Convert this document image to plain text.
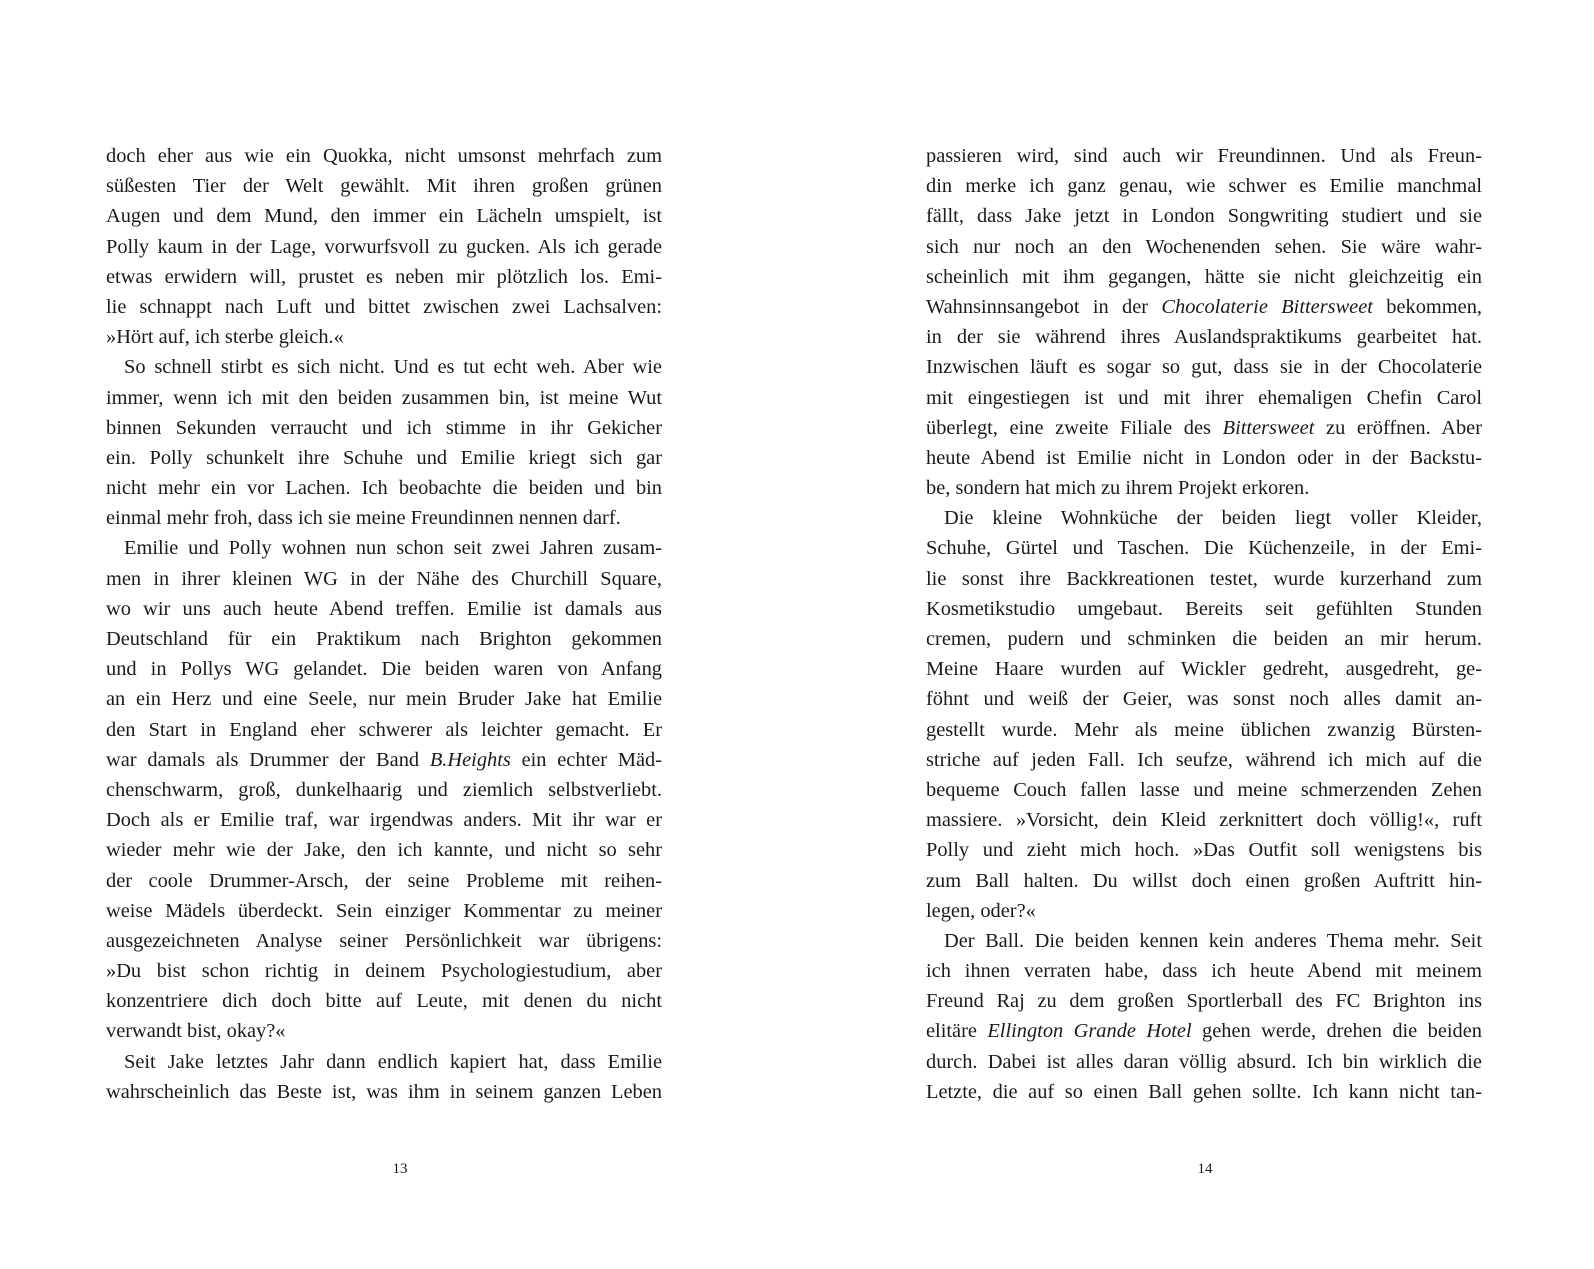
doch eher aus wie ein Quokka, nicht umsonst mehrfach zum
süßesten Tier der Welt gewählt. Mit ihren großen grünen
Augen und dem Mund, den immer ein Lächeln umspielt, ist
Polly kaum in der Lage, vorwurfsvoll zu gucken. Als ich gerade
etwas erwidern will, prustet es neben mir plötzlich los. Emi-
lie schnappt nach Luft und bittet zwischen zwei Lachsalven:
»Hört auf, ich sterbe gleich.«
So schnell stirbt es sich nicht. Und es tut echt weh. Aber wie
immer, wenn ich mit den beiden zusammen bin, ist meine Wut
binnen Sekunden verraucht und ich stimme in ihr Gekicher
ein. Polly schunkelt ihre Schuhe und Emilie kriegt sich gar
nicht mehr ein vor Lachen. Ich beobachte die beiden und bin
einmal mehr froh, dass ich sie meine Freundinnen nennen darf.
Emilie und Polly wohnen nun schon seit zwei Jahren zusam-
men in ihrer kleinen WG in der Nähe des Churchill Square,
wo wir uns auch heute Abend treffen. Emilie ist damals aus
Deutschland für ein Praktikum nach Brighton gekommen
und in Pollys WG gelandet. Die beiden waren von Anfang
an ein Herz und eine Seele, nur mein Bruder Jake hat Emilie
den Start in England eher schwerer als leichter gemacht. Er
war damals als Drummer der Band B.Heights ein echter Mäd-
chenschwarm, groß, dunkelhaarig und ziemlich selbstverliebt.
Doch als er Emilie traf, war irgendwas anders. Mit ihr war er
wieder mehr wie der Jake, den ich kannte, und nicht so sehr
der coole Drummer-Arsch, der seine Probleme mit reihen-
weise Mädels überdeckt. Sein einziger Kommentar zu meiner
ausgezeichneten Analyse seiner Persönlichkeit war übrigens:
»Du bist schon richtig in deinem Psychologiestudium, aber
konzentriere dich doch bitte auf Leute, mit denen du nicht
verwandt bist, okay?«
Seit Jake letztes Jahr dann endlich kapiert hat, dass Emilie
wahrscheinlich das Beste ist, was ihm in seinem ganzen Leben
passieren wird, sind auch wir Freundinnen. Und als Freun-
din merke ich ganz genau, wie schwer es Emilie manchmal
fällt, dass Jake jetzt in London Songwriting studiert und sie
sich nur noch an den Wochenenden sehen. Sie wäre wahr-
scheinlich mit ihm gegangen, hätte sie nicht gleichzeitig ein
Wahnsinnsangebot in der Chocolaterie Bittersweet bekommen,
in der sie während ihres Auslandspraktikums gearbeitet hat.
Inzwischen läuft es sogar so gut, dass sie in der Chocolaterie
mit eingestiegen ist und mit ihrer ehemaligen Chefin Carol
überlegt, eine zweite Filiale des Bittersweet zu eröffnen. Aber
heute Abend ist Emilie nicht in London oder in der Backstu-
be, sondern hat mich zu ihrem Projekt erkoren.
Die kleine Wohnküche der beiden liegt voller Kleider,
Schuhe, Gürtel und Taschen. Die Küchenzeile, in der Emi-
lie sonst ihre Backkreationen testet, wurde kurzerhand zum
Kosmetikstudio umgebaut. Bereits seit gefühlten Stunden
cremen, pudern und schminken die beiden an mir herum.
Meine Haare wurden auf Wickler gedreht, ausgedreht, ge-
föhnt und weiß der Geier, was sonst noch alles damit an-
gestellt wurde. Mehr als meine üblichen zwanzig Bürsten-
striche auf jeden Fall. Ich seufze, während ich mich auf die
bequeme Couch fallen lasse und meine schmerzenden Zehen
massiere. »Vorsicht, dein Kleid zerknittert doch völlig!«, ruft
Polly und zieht mich hoch. »Das Outfit soll wenigstens bis
zum Ball halten. Du willst doch einen großen Auftritt hin-
legen, oder?«
Der Ball. Die beiden kennen kein anderes Thema mehr. Seit
ich ihnen verraten habe, dass ich heute Abend mit meinem
Freund Raj zu dem großen Sportlerball des FC Brighton ins
elitäre Ellington Grande Hotel gehen werde, drehen die beiden
durch. Dabei ist alles daran völlig absurd. Ich bin wirklich die
Letzte, die auf so einen Ball gehen sollte. Ich kann nicht tan-
13	14
